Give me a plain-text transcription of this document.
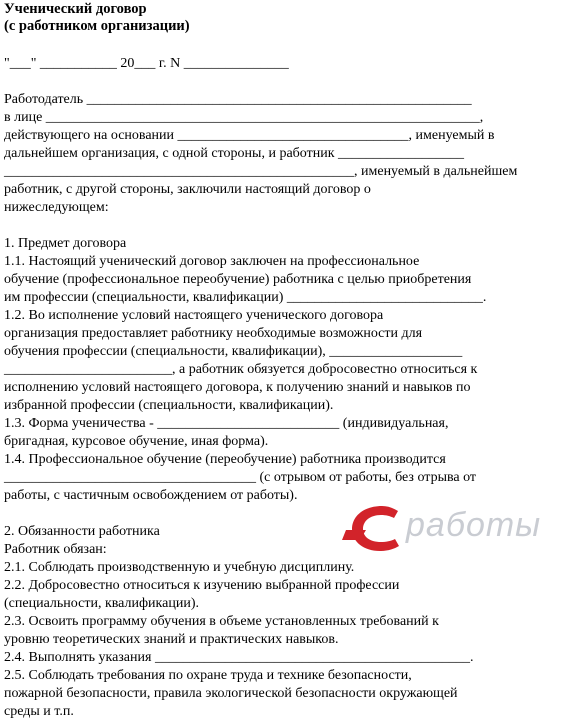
Ученический договор
(с работником организации)
"___" ___________ 20___ г. N _______________
Работодатель _______________________________________________________
в лице ______________________________________________________________,
действующего на основании _________________________________, именуемый в
дальнейшем организация, с одной стороны, и работник __________________
__________________________________________________, именуемый в дальнейшем
работник, с другой стороны, заключили настоящий договор о
нижеследующем:
1. Предмет договора
1.1. Настоящий ученический договор заключен на профессиональное
обучение (профессиональное переобучение) работника с целью приобретения
им профессии (специальности, квалификации) ____________________________.
1.2. Во исполнение условий настоящего ученического договора
организация предоставляет работнику необходимые возможности для
обучения профессии (специальности, квалификации), ___________________
________________________, а работник обязуется добросовестно относиться к
исполнению условий настоящего договора, к получению знаний и навыков по
избранной профессии (специальности, квалификации).
1.3. Форма ученичества - __________________________ (индивидуальная,
бригадная, курсовое обучение, иная форма).
1.4. Профессиональное обучение (переобучение) работника производится
____________________________________ (с отрывом от работы, без отрыва от
работы, с частичным освобождением от работы).
2. Обязанности работника
Работник обязан:
2.1. Соблюдать производственную и учебную дисциплину.
2.2. Добросовестно относиться к изучению выбранной профессии
(специальности, квалификации).
2.3. Освоить программу обучения в объеме установленных требований к
уровню теоретических знаний и практических навыков.
2.4. Выполнять указания _____________________________________________.
2.5. Соблюдать требования по охране труда и технике безопасности,
пожарной безопасности, правила экологической безопасности окружающей
среды и т.п.
работы
